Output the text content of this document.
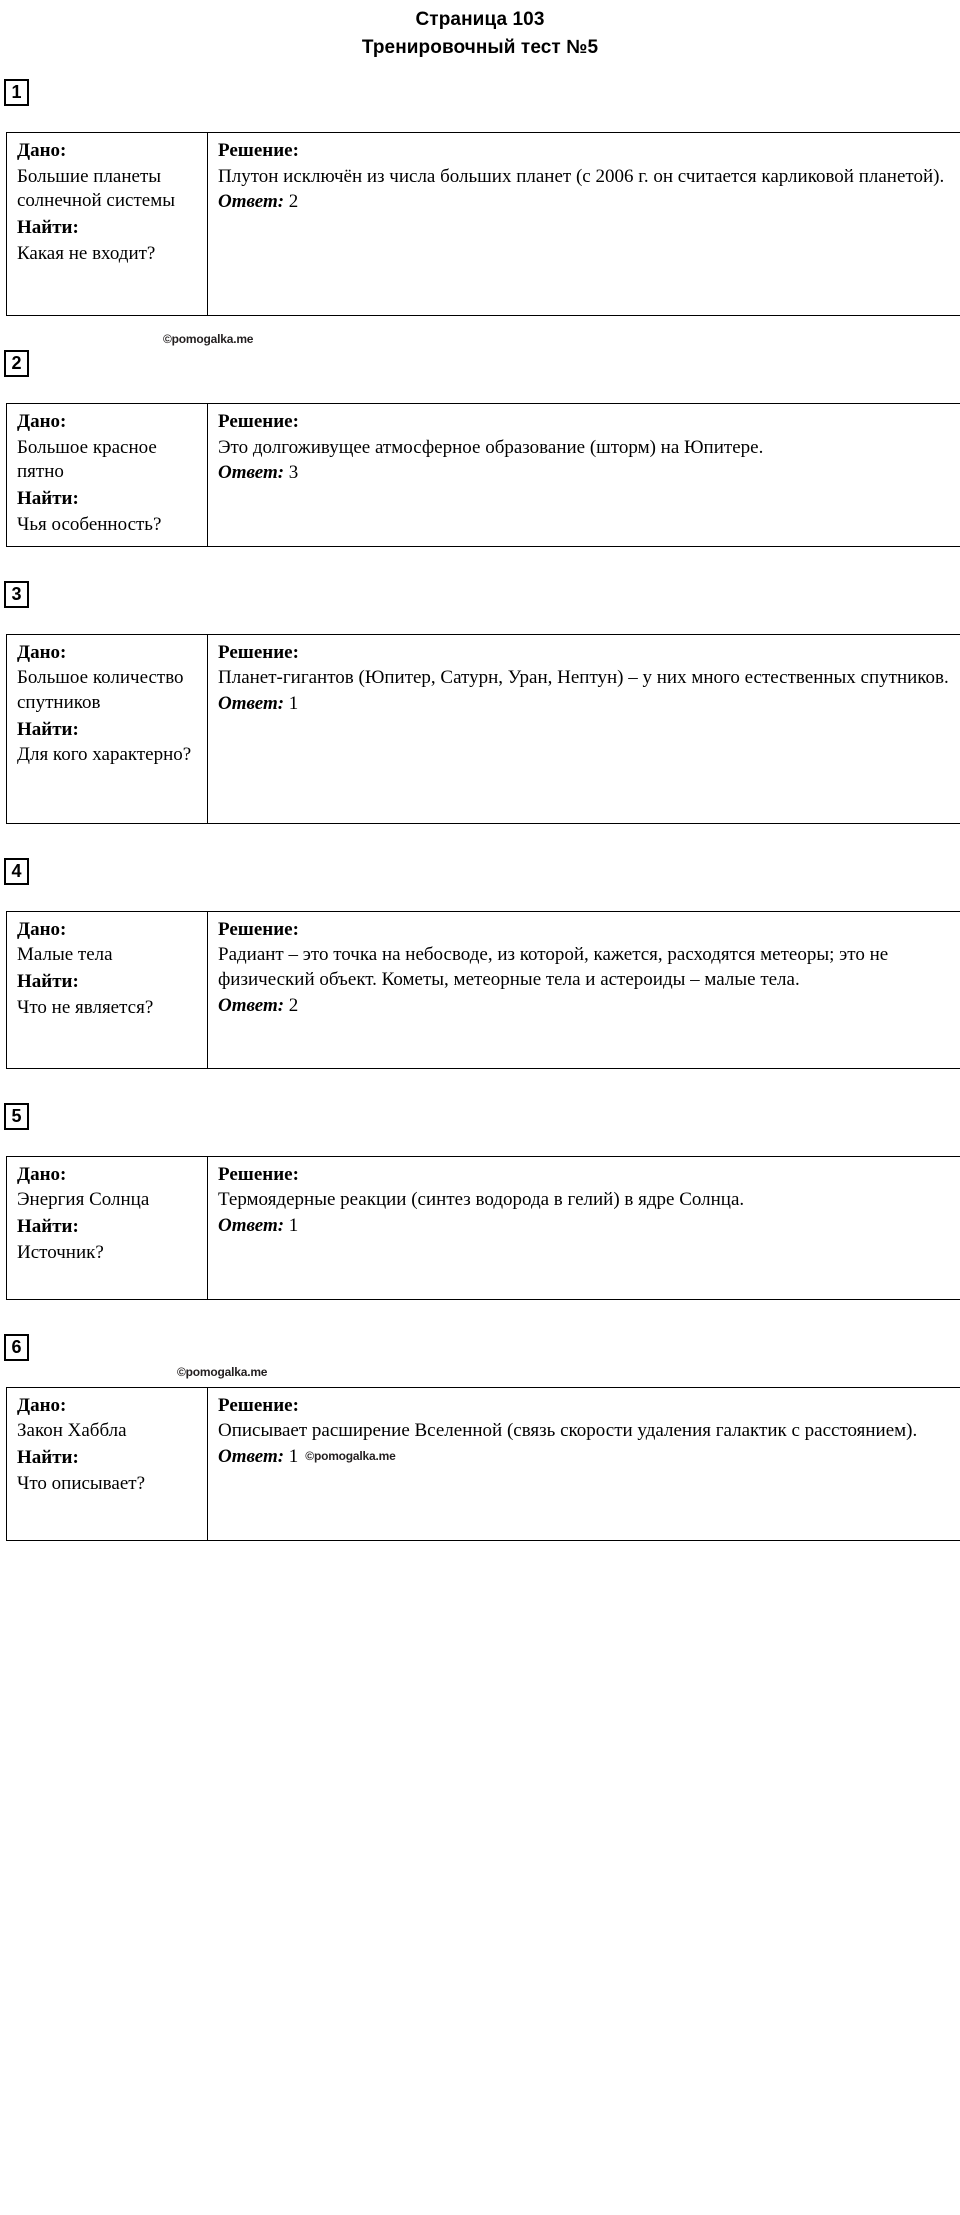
Страница 103
Тренировочный тест №5
1
Дано:
Большие планеты солнечной системы
Найти:
Какая не входит?

Решение:
Плутон исключён из числа больших планет (с 2006 г. он считается карликовой планетой).
Ответ: 2
©pomogalka.me
2
Дано:
Большое красное пятно
Найти:
Чья особенность?

Решение:
Это долгоживущее атмосферное образование (шторм) на Юпитере.
Ответ: 3
3
Дано:
Большое количество спутников
Найти:
Для кого характерно?

Решение:
Планет-гигантов (Юпитер, Сатурн, Уран, Нептун) – у них много естественных спутников.
Ответ: 1
©pomogalka.me
4
Дано:
Малые тела
Найти:
Что не является?

Решение:
Радиант – это точка на небосводе, из которой, кажется, расходятся метеоры; это не физический объект. Кометы, метеорные тела и астероиды – малые тела.
Ответ: 2
5
Дано:
Энергия Солнца
Найти:
Источник?

Решение:
Термоядерные реакции (синтез водорода в гелий) в ядре Солнца.
Ответ: 1
6
Дано:
Закон Хаббла
Найти:
Что описывает?

Решение:
Описывает расширение Вселенной (связь скорости удаления галактик с расстоянием).
Ответ: 1 ©pomogalka.me
